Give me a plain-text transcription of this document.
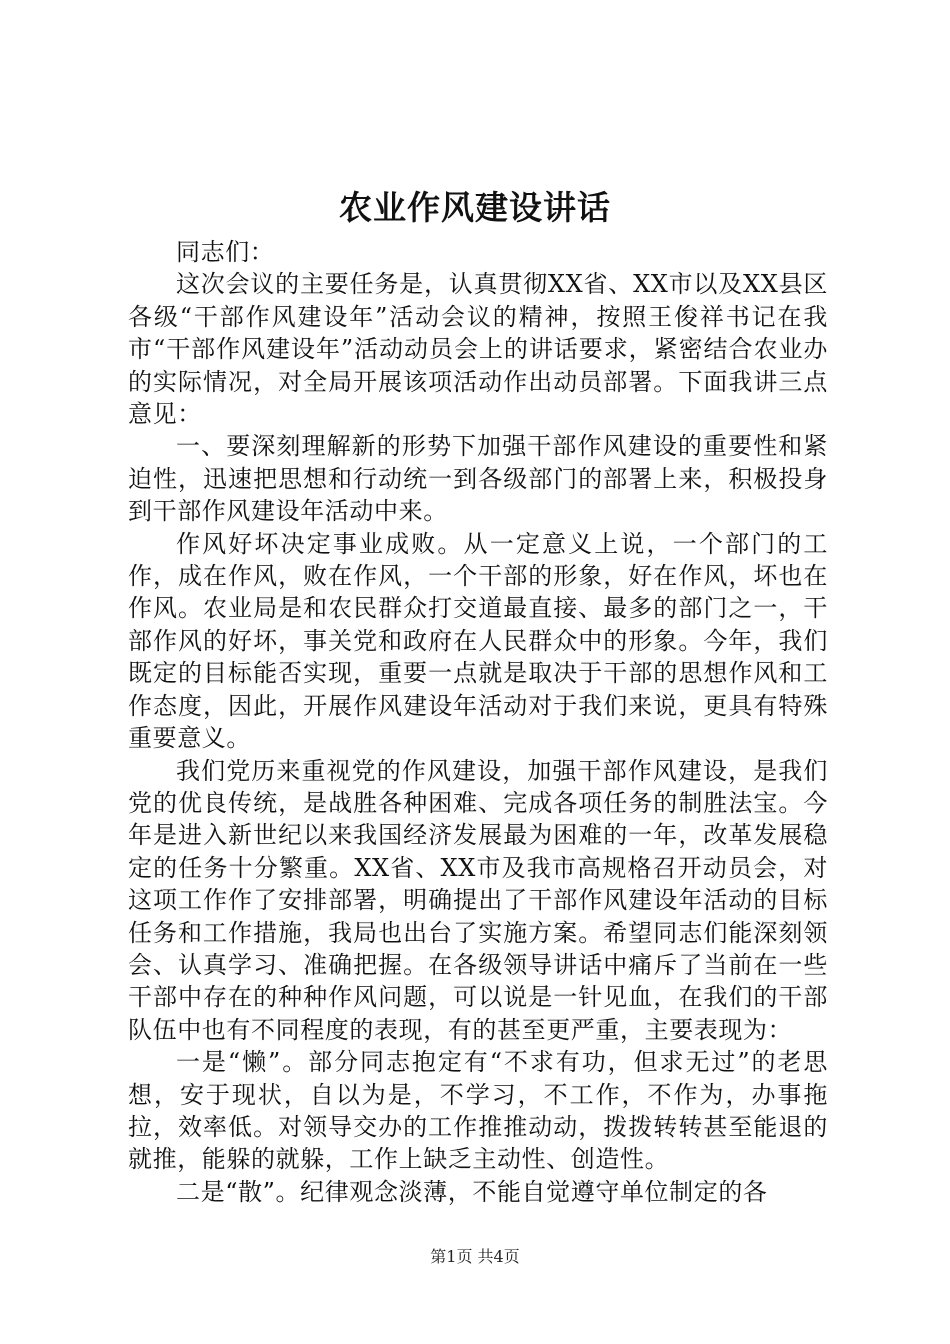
农业作风建设讲话

同志们：

这次会议的主要任务是，认真贯彻XX省、XX市以及XX县区各级“干部作风建设年”活动会议的精神，按照王俊祥书记在我市“干部作风建设年”活动动员会上的讲话要求，紧密结合农业办的实际情况，对全局开展该项活动作出动员部署。下面我讲三点意见：

一、要深刻理解新的形势下加强干部作风建设的重要性和紧迫性，迅速把思想和行动统一到各级部门的部署上来，积极投身到干部作风建设年活动中来。

作风好坏决定事业成败。从一定意义上说，一个部门的工作，成在作风，败在作风，一个干部的形象，好在作风，坏也在作风。农业局是和农民群众打交道最直接、最多的部门之一，干部作风的好坏，事关党和政府在人民群众中的形象。今年，我们既定的目标能否实现，重要一点就是取决于干部的思想作风和工作态度，因此，开展作风建设年活动对于我们来说，更具有特殊重要意义。

我们党历来重视党的作风建设，加强干部作风建设，是我们党的优良传统，是战胜各种困难、完成各项任务的制胜法宝。今年是进入新世纪以来我国经济发展最为困难的一年，改革发展稳定的任务十分繁重。XX省、XX市及我市高规格召开动员会，对这项工作作了安排部署，明确提出了干部作风建设年活动的目标任务和工作措施，我局也出台了实施方案。希望同志们能深刻领会、认真学习、准确把握。在各级领导讲话中痛斥了当前在一些干部中存在的种种作风问题，可以说是一针见血，在我们的干部队伍中也有不同程度的表现，有的甚至更严重，主要表现为：

一是“懒”。部分同志抱定有“不求有功，但求无过”的老思想，安于现状，自以为是，不学习，不工作，不作为，办事拖拉，效率低。对领导交办的工作推推动动，拨拨转转甚至能退的就推，能躲的就躲，工作上缺乏主动性、创造性。

二是“散”。纪律观念淡薄，不能自觉遵守单位制定的各

第1页 共4页
